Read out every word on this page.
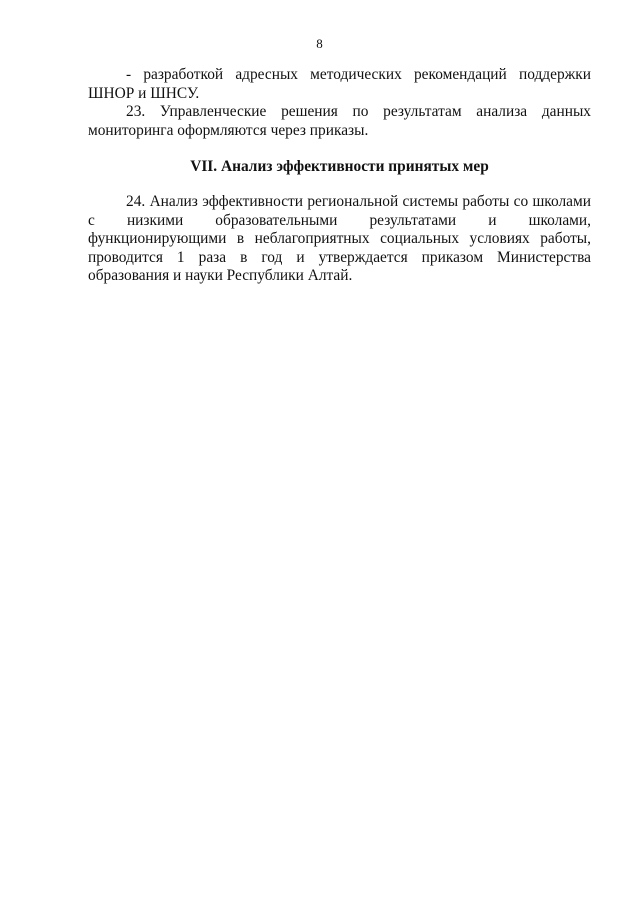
8

- разработкой адресных методических рекомендаций поддержки ШНОР и ШНСУ.

23. Управленческие решения по результатам анализа данных мониторинга оформляются через приказы.

VII. Анализ эффективности принятых мер

24. Анализ эффективности региональной системы работы со школами с низкими образовательными результатами и школами, функционирующими в неблагоприятных социальных условиях работы, проводится 1 раза в год и утверждается приказом Министерства образования и науки Республики Алтай.
